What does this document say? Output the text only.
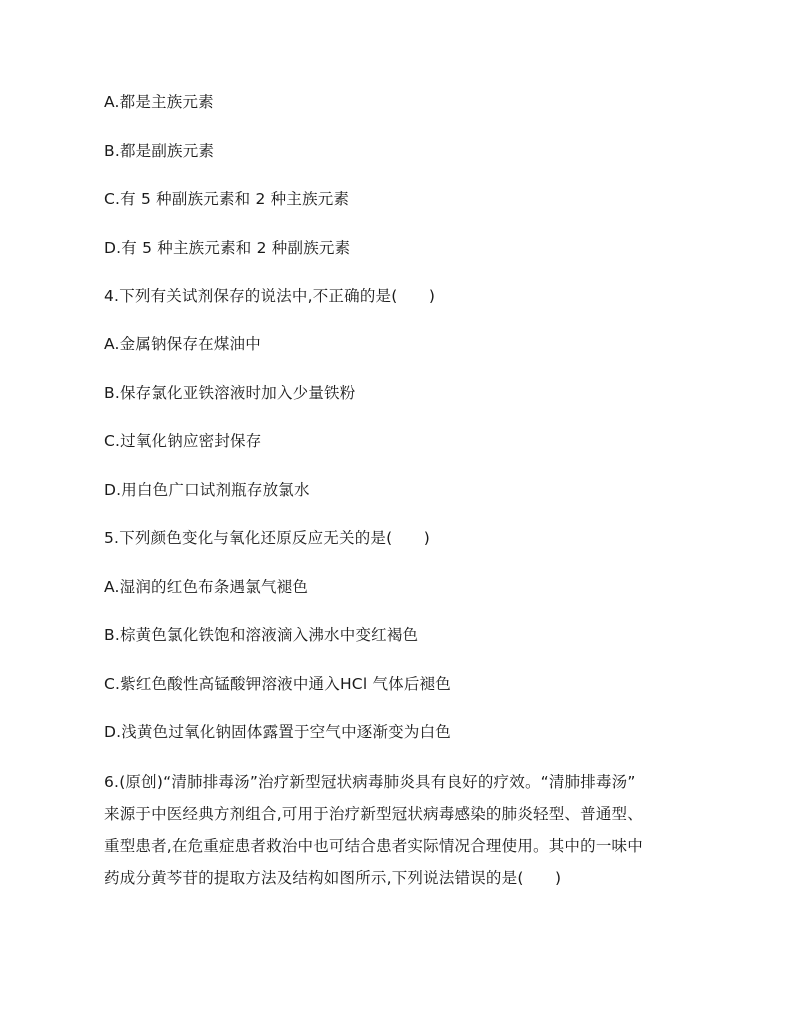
A.都是主族元素
B.都是副族元素
C.有 5 种副族元素和 2 种主族元素
D.有 5 种主族元素和 2 种副族元素
4.下列有关试剂保存的说法中,不正确的是(　　)
A.金属钠保存在煤油中
B.保存氯化亚铁溶液时加入少量铁粉
C.过氧化钠应密封保存
D.用白色广口试剂瓶存放氯水
5.下列颜色变化与氧化还原反应无关的是(　　)
A.湿润的红色布条遇氯气褪色
B.棕黄色氯化铁饱和溶液滴入沸水中变红褐色
C.紫红色酸性高锰酸钾溶液中通入HCl 气体后褪色
D.浅黄色过氧化钠固体露置于空气中逐渐变为白色
6.(原创)“清肺排毒汤”治疗新型冠状病毒肺炎具有良好的疗效。“清肺排毒汤”
来源于中医经典方剂组合,可用于治疗新型冠状病毒感染的肺炎轻型、普通型、
重型患者,在危重症患者救治中也可结合患者实际情况合理使用。其中的一味中
药成分黄芩苷的提取方法及结构如图所示,下列说法错误的是(　　)
